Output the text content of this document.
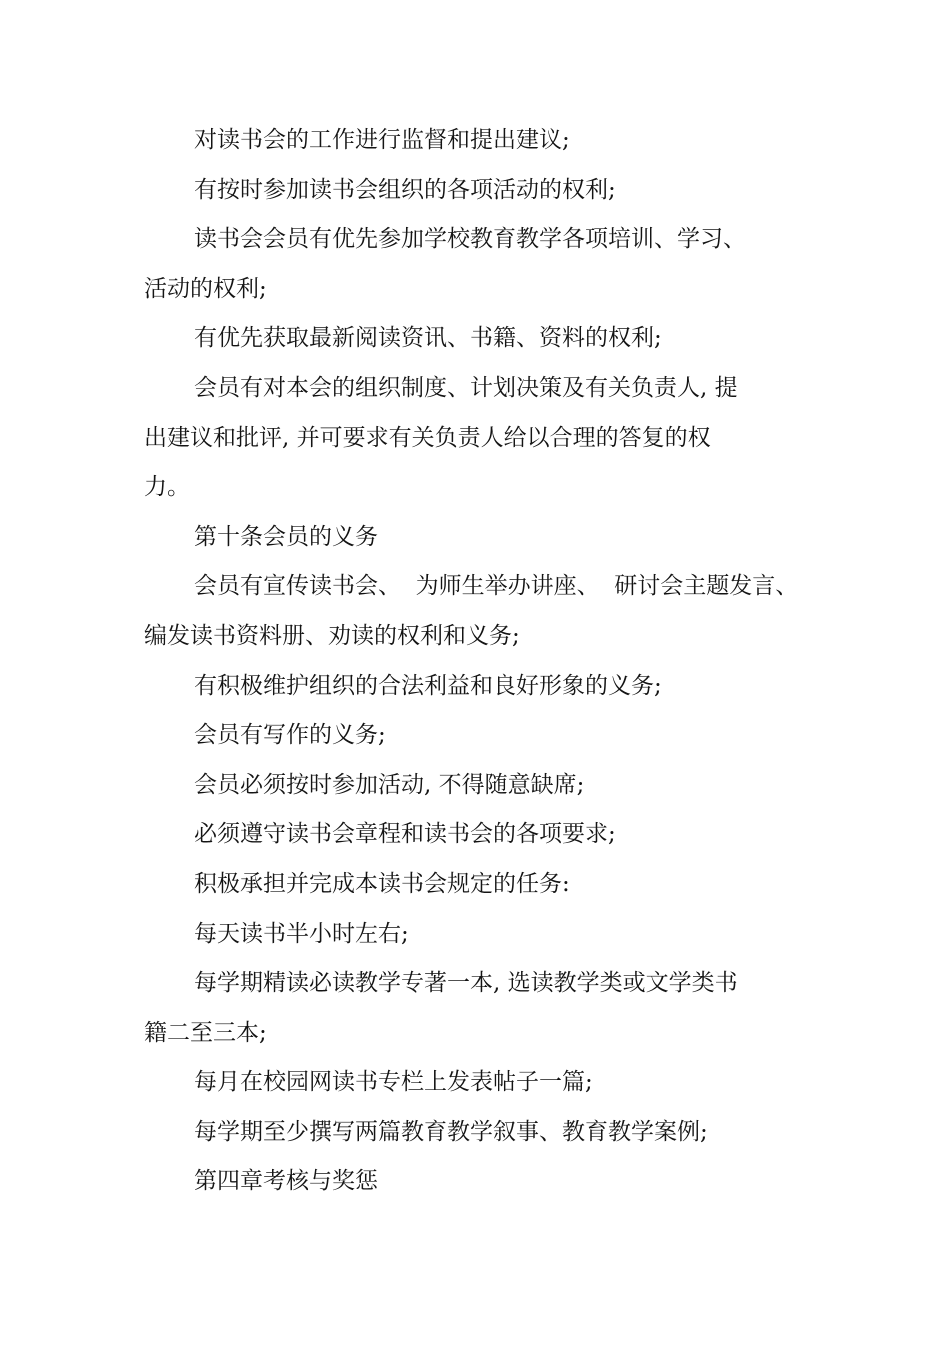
对读书会的工作进行监督和提出建议;
有按时参加读书会组织的各项活动的权利;
读书会会员有优先参加学校教育教学各项培训、学习、
活动的权利;
有优先获取最新阅读资讯、书籍、资料的权利;
会员有对本会的组织制度、计划决策及有关负责人, 提
出建议和批评, 并可要求有关负责人给以合理的答复的权
力。
第十条会员的义务
会员有宣传读书会、  为师生举办讲座、  研讨会主题发言、
编发读书资料册、劝读的权利和义务;
有积极维护组织的合法利益和良好形象的义务;
会员有写作的义务;
会员必须按时参加活动, 不得随意缺席;
必须遵守读书会章程和读书会的各项要求;
积极承担并完成本读书会规定的任务:
每天读书半小时左右;
每学期精读必读教学专著一本, 选读教学类或文学类书
籍二至三本;
每月在校园网读书专栏上发表帖子一篇;
每学期至少撰写两篇教育教学叙事、教育教学案例;
第四章考核与奖惩
